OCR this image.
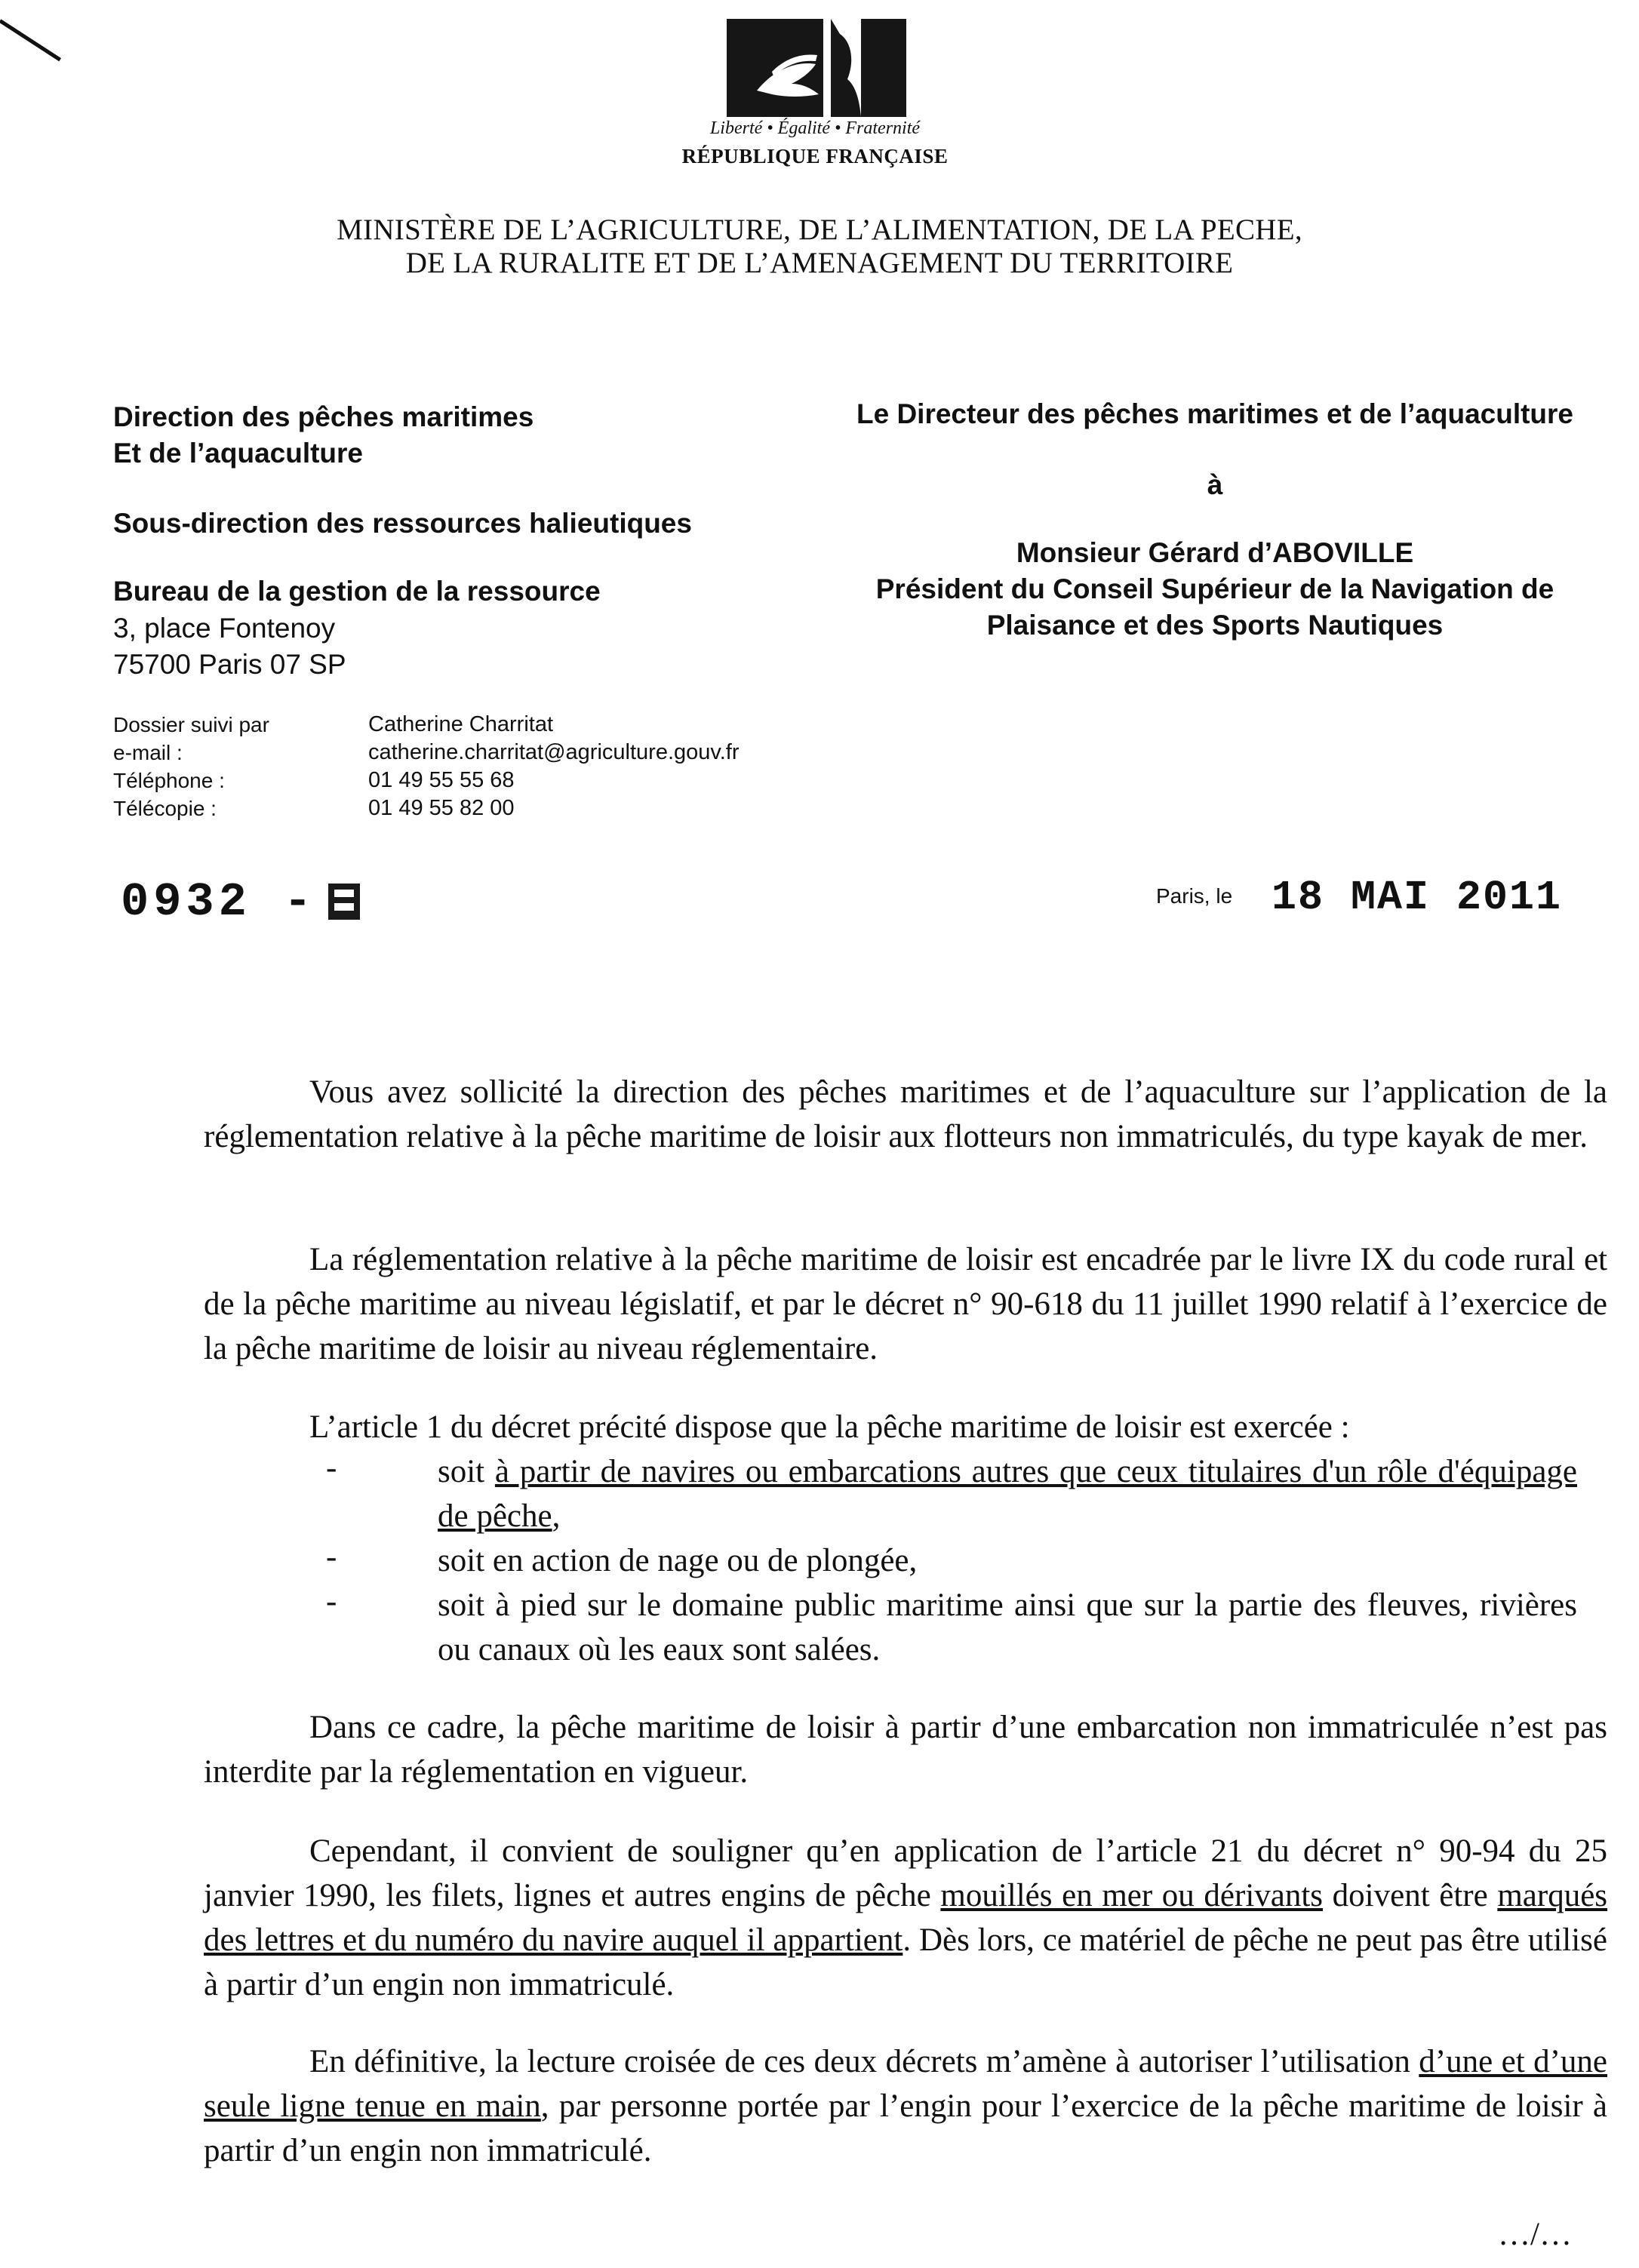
Liberté • Égalité • Fraternité
RÉPUBLIQUE FRANÇAISE
MINISTÈRE DE L’AGRICULTURE, DE L’ALIMENTATION, DE LA PECHE,
DE LA RURALITE ET DE L’AMENAGEMENT DU TERRITOIRE
Direction des pêches maritimes
Et de l’aquaculture
Sous-direction des ressources halieutiques
Bureau de la gestion de la ressource
3, place Fontenoy
75700 Paris 07 SP
Le Directeur des pêches maritimes et de l’aquaculture
à
Monsieur Gérard d’ABOVILLE
Président du Conseil Supérieur de la Navigation de
Plaisance et des Sports Nautiques
Dossier suivi par	Catherine Charritat
e-mail :	catherine.charritat@agriculture.gouv.fr
Téléphone :	01 49 55 55 68
Télécopie :	01 49 55 82 00
0932 -	Paris, le 18 MAI 2011
Vous avez sollicité la direction des pêches maritimes et de l’aquaculture sur l’application de la réglementation relative à la pêche maritime de loisir aux flotteurs non immatriculés, du type kayak de mer.
La réglementation relative à la pêche maritime de loisir est encadrée par le livre IX du code rural et de la pêche maritime au niveau législatif, et par le décret n° 90-618 du 11 juillet 1990 relatif à l’exercice de la pêche maritime de loisir au niveau réglementaire.
L’article 1 du décret précité dispose que la pêche maritime de loisir est exercée :
-	soit à partir de navires ou embarcations autres que ceux titulaires d'un rôle d'équipage de pêche,
-	soit en action de nage ou de plongée,
-	soit à pied sur le domaine public maritime ainsi que sur la partie des fleuves, rivières ou canaux où les eaux sont salées.
Dans ce cadre, la pêche maritime de loisir à partir d’une embarcation non immatriculée n’est pas interdite par la réglementation en vigueur.
Cependant, il convient de souligner qu’en application de l’article 21 du décret n° 90-94 du 25 janvier 1990, les filets, lignes et autres engins de pêche mouillés en mer ou dérivants doivent être marqués des lettres et du numéro du navire auquel il appartient. Dès lors, ce matériel de pêche ne peut pas être utilisé à partir d’un engin non immatriculé.
En définitive, la lecture croisée de ces deux décrets m’amène à autoriser l’utilisation d’une et d’une seule ligne tenue en main, par personne portée par l’engin pour l’exercice de la pêche maritime de loisir à partir d’un engin non immatriculé.
…/…
